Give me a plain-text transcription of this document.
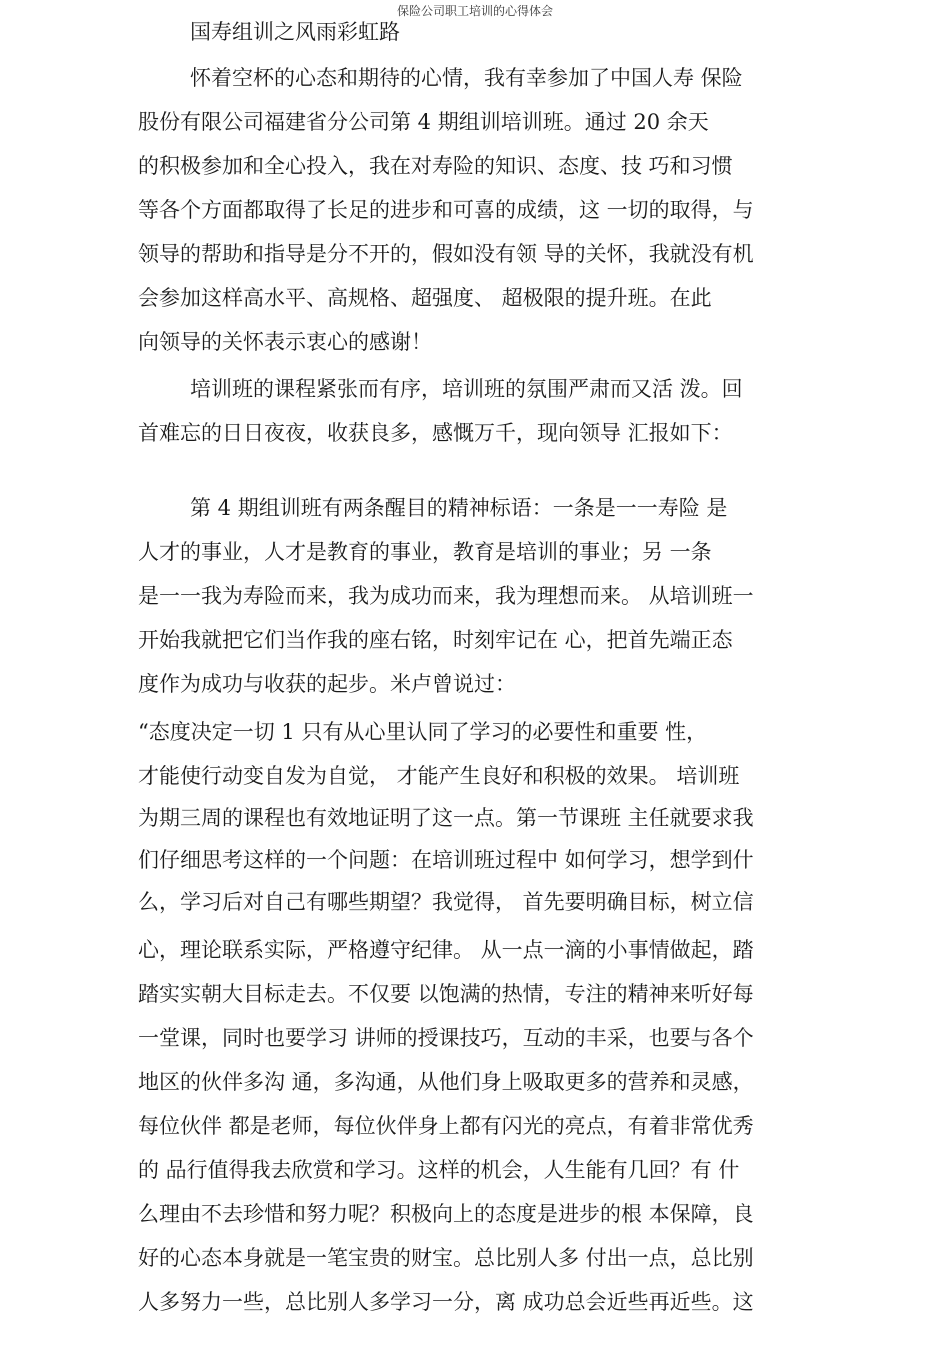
保险公司职工培训的心得体会
国寿组训之风雨彩虹路
怀着空杯的心态和期待的心情，我有幸参加了中国人寿 保险
股份有限公司福建省分公司第 4 期组训培训班。通过 20 余天
的积极参加和全心投入，我在对寿险的知识、态度、技 巧和习惯
等各个方面都取得了长足的进步和可喜的成绩，这 一切的取得，与
领导的帮助和指导是分不开的，假如没有领 导的关怀，我就没有机
会参加这样高水平、高规格、超强度、 超极限的提升班。在此
向领导的关怀表示衷心的感谢！
培训班的课程紧张而有序，培训班的氛围严肃而又活 泼。回
首难忘的日日夜夜，收获良多，感慨万千，现向领导 汇报如下：
第 4 期组训班有两条醒目的精神标语：一条是一一寿险 是
人才的事业，人才是教育的事业，教育是培训的事业；另 一条
是一一我为寿险而来，我为成功而来，我为理想而来。 从培训班一
开始我就把它们当作我的座右铭，时刻牢记在 心，把首先端正态
度作为成功与收获的起步。米卢曾说过：
“态度决定一切 1 只有从心里认同了学习的必要性和重要 性，
才能使行动变自发为自觉， 才能产生良好和积极的效果。 培训班
为期三周的课程也有效地证明了这一点。第一节课班 主任就要求我
们仔细思考这样的一个问题：在培训班过程中 如何学习，想学到什
么，学习后对自己有哪些期望？我觉得， 首先要明确目标，树立信
心，理论联系实际，严格遵守纪律。 从一点一滴的小事情做起，踏
踏实实朝大目标走去。不仅要 以饱满的热情，专注的精神来听好每
一堂课，同时也要学习 讲师的授课技巧，互动的丰采，也要与各个
地区的伙伴多沟 通，多沟通，从他们身上吸取更多的营养和灵感，
每位伙伴 都是老师，每位伙伴身上都有闪光的亮点，有着非常优秀
的 品行值得我去欣赏和学习。这样的机会，人生能有几回？有 什
么理由不去珍惜和努力呢？积极向上的态度是进步的根 本保障，良
好的心态本身就是一笔宝贵的财宝。总比别人多 付出一点，总比别
人多努力一些，总比别人多学习一分，离 成功总会近些再近些。这
